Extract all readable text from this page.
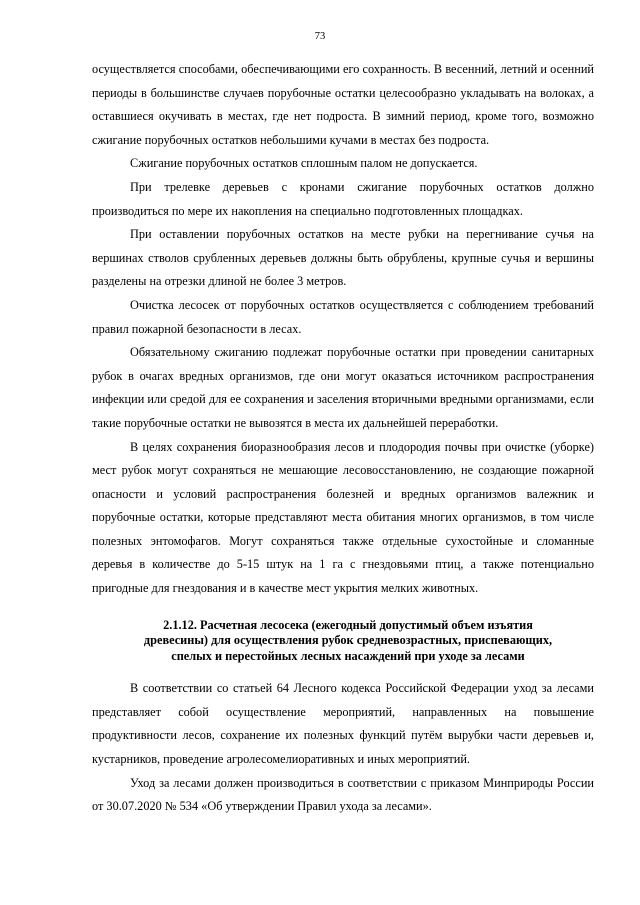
73

осуществляется способами, обеспечивающими его сохранность. В весенний, летний и осенний периоды в большинстве случаев порубочные остатки целесообразно укладывать на волоках, а оставшиеся окучивать в местах, где нет подроста. В зимний период, кроме того, возможно сжигание порубочных остатков небольшими кучами в местах без подроста.

Сжигание порубочных остатков сплошным палом не допускается.

При трелевке деревьев с кронами сжигание порубочных остатков должно производиться по мере их накопления на специально подготовленных площадках.

При оставлении порубочных остатков на месте рубки на перегнивание сучья на вершинах стволов срубленных деревьев должны быть обрублены, крупные сучья и вершины разделены на отрезки длиной не более 3 метров.

Очистка лесосек от порубочных остатков осуществляется с соблюдением требований правил пожарной безопасности в лесах.

Обязательному сжиганию подлежат порубочные остатки при проведении санитарных рубок в очагах вредных организмов, где они могут оказаться источником распространения инфекции или средой для ее сохранения и заселения вторичными вредными организмами, если такие порубочные остатки не вывозятся в места их дальнейшей переработки.

В целях сохранения биоразнообразия лесов и плодородия почвы при очистке (уборке) мест рубок могут сохраняться не мешающие лесовосстановлению, не создающие пожарной опасности и условий распространения болезней и вредных организмов валежник и порубочные остатки, которые представляют места обитания многих организмов, в том числе полезных энтомофагов. Могут сохраняться также отдельные сухостойные и сломанные деревья в количестве до 5-15 штук на 1 га с гнездовьями птиц, а также потенциально пригодные для гнездования и в качестве мест укрытия мелких животных.

2.1.12. Расчетная лесосека (ежегодный допустимый объем изъятия древесины) для осуществления рубок средневозрастных, приспевающих, спелых и перестойных лесных насаждений при уходе за лесами

В соответствии со статьей 64 Лесного кодекса Российской Федерации уход за лесами представляет собой осуществление мероприятий, направленных на повышение продуктивности лесов, сохранение их полезных функций путём вырубки части деревьев и, кустарников, проведение агролесомелиоративных и иных мероприятий.

Уход за лесами должен производиться в соответствии с приказом Минприроды России от 30.07.2020 № 534 «Об утверждении Правил ухода за лесами».
